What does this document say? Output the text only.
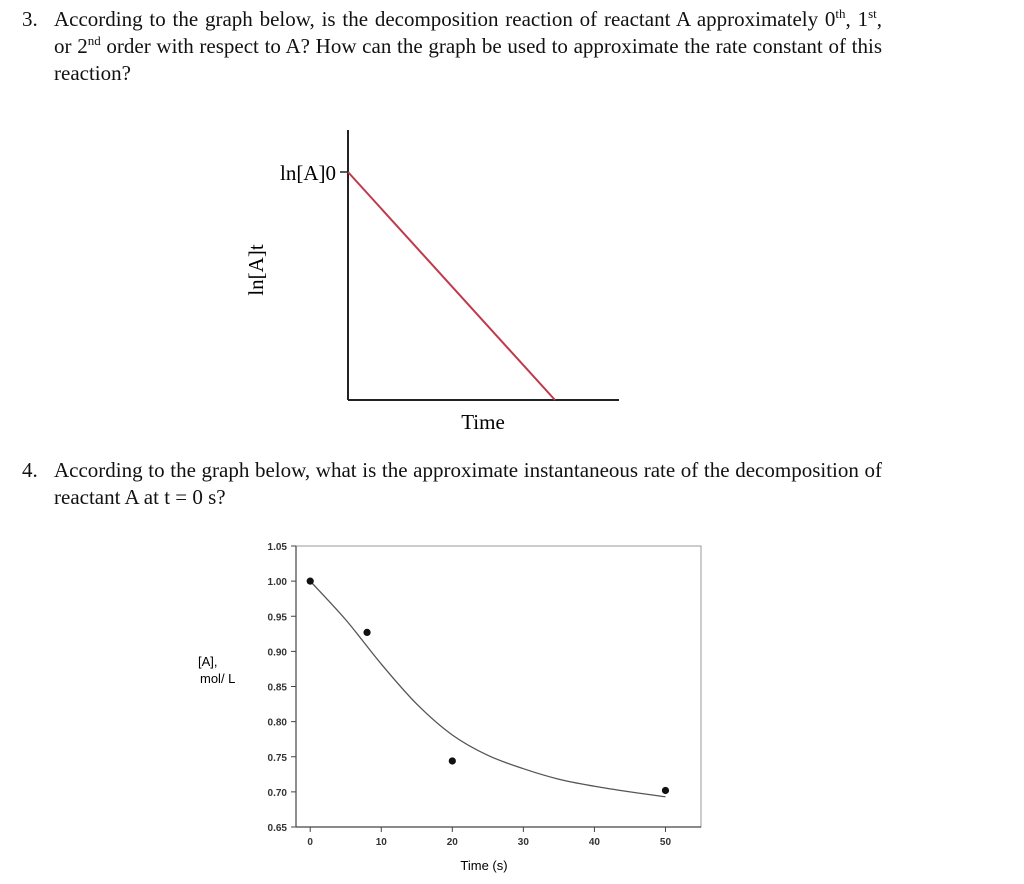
3. According to the graph below, is the decomposition reaction of reactant A approximately 0th, 1st, or 2nd order with respect to A? How can the graph be used to approximate the rate constant of this reaction?
ln[A]0
ln[A]t
Time
4. According to the graph below, what is the approximate instantaneous rate of the decomposition of reactant A at t = 0 s?
0.65
0.70
0.75
0.80
0.85
0.90
0.95
1.00
1.05
0	10	20	30	40	50
[A],
mol/ L
Time (s)
